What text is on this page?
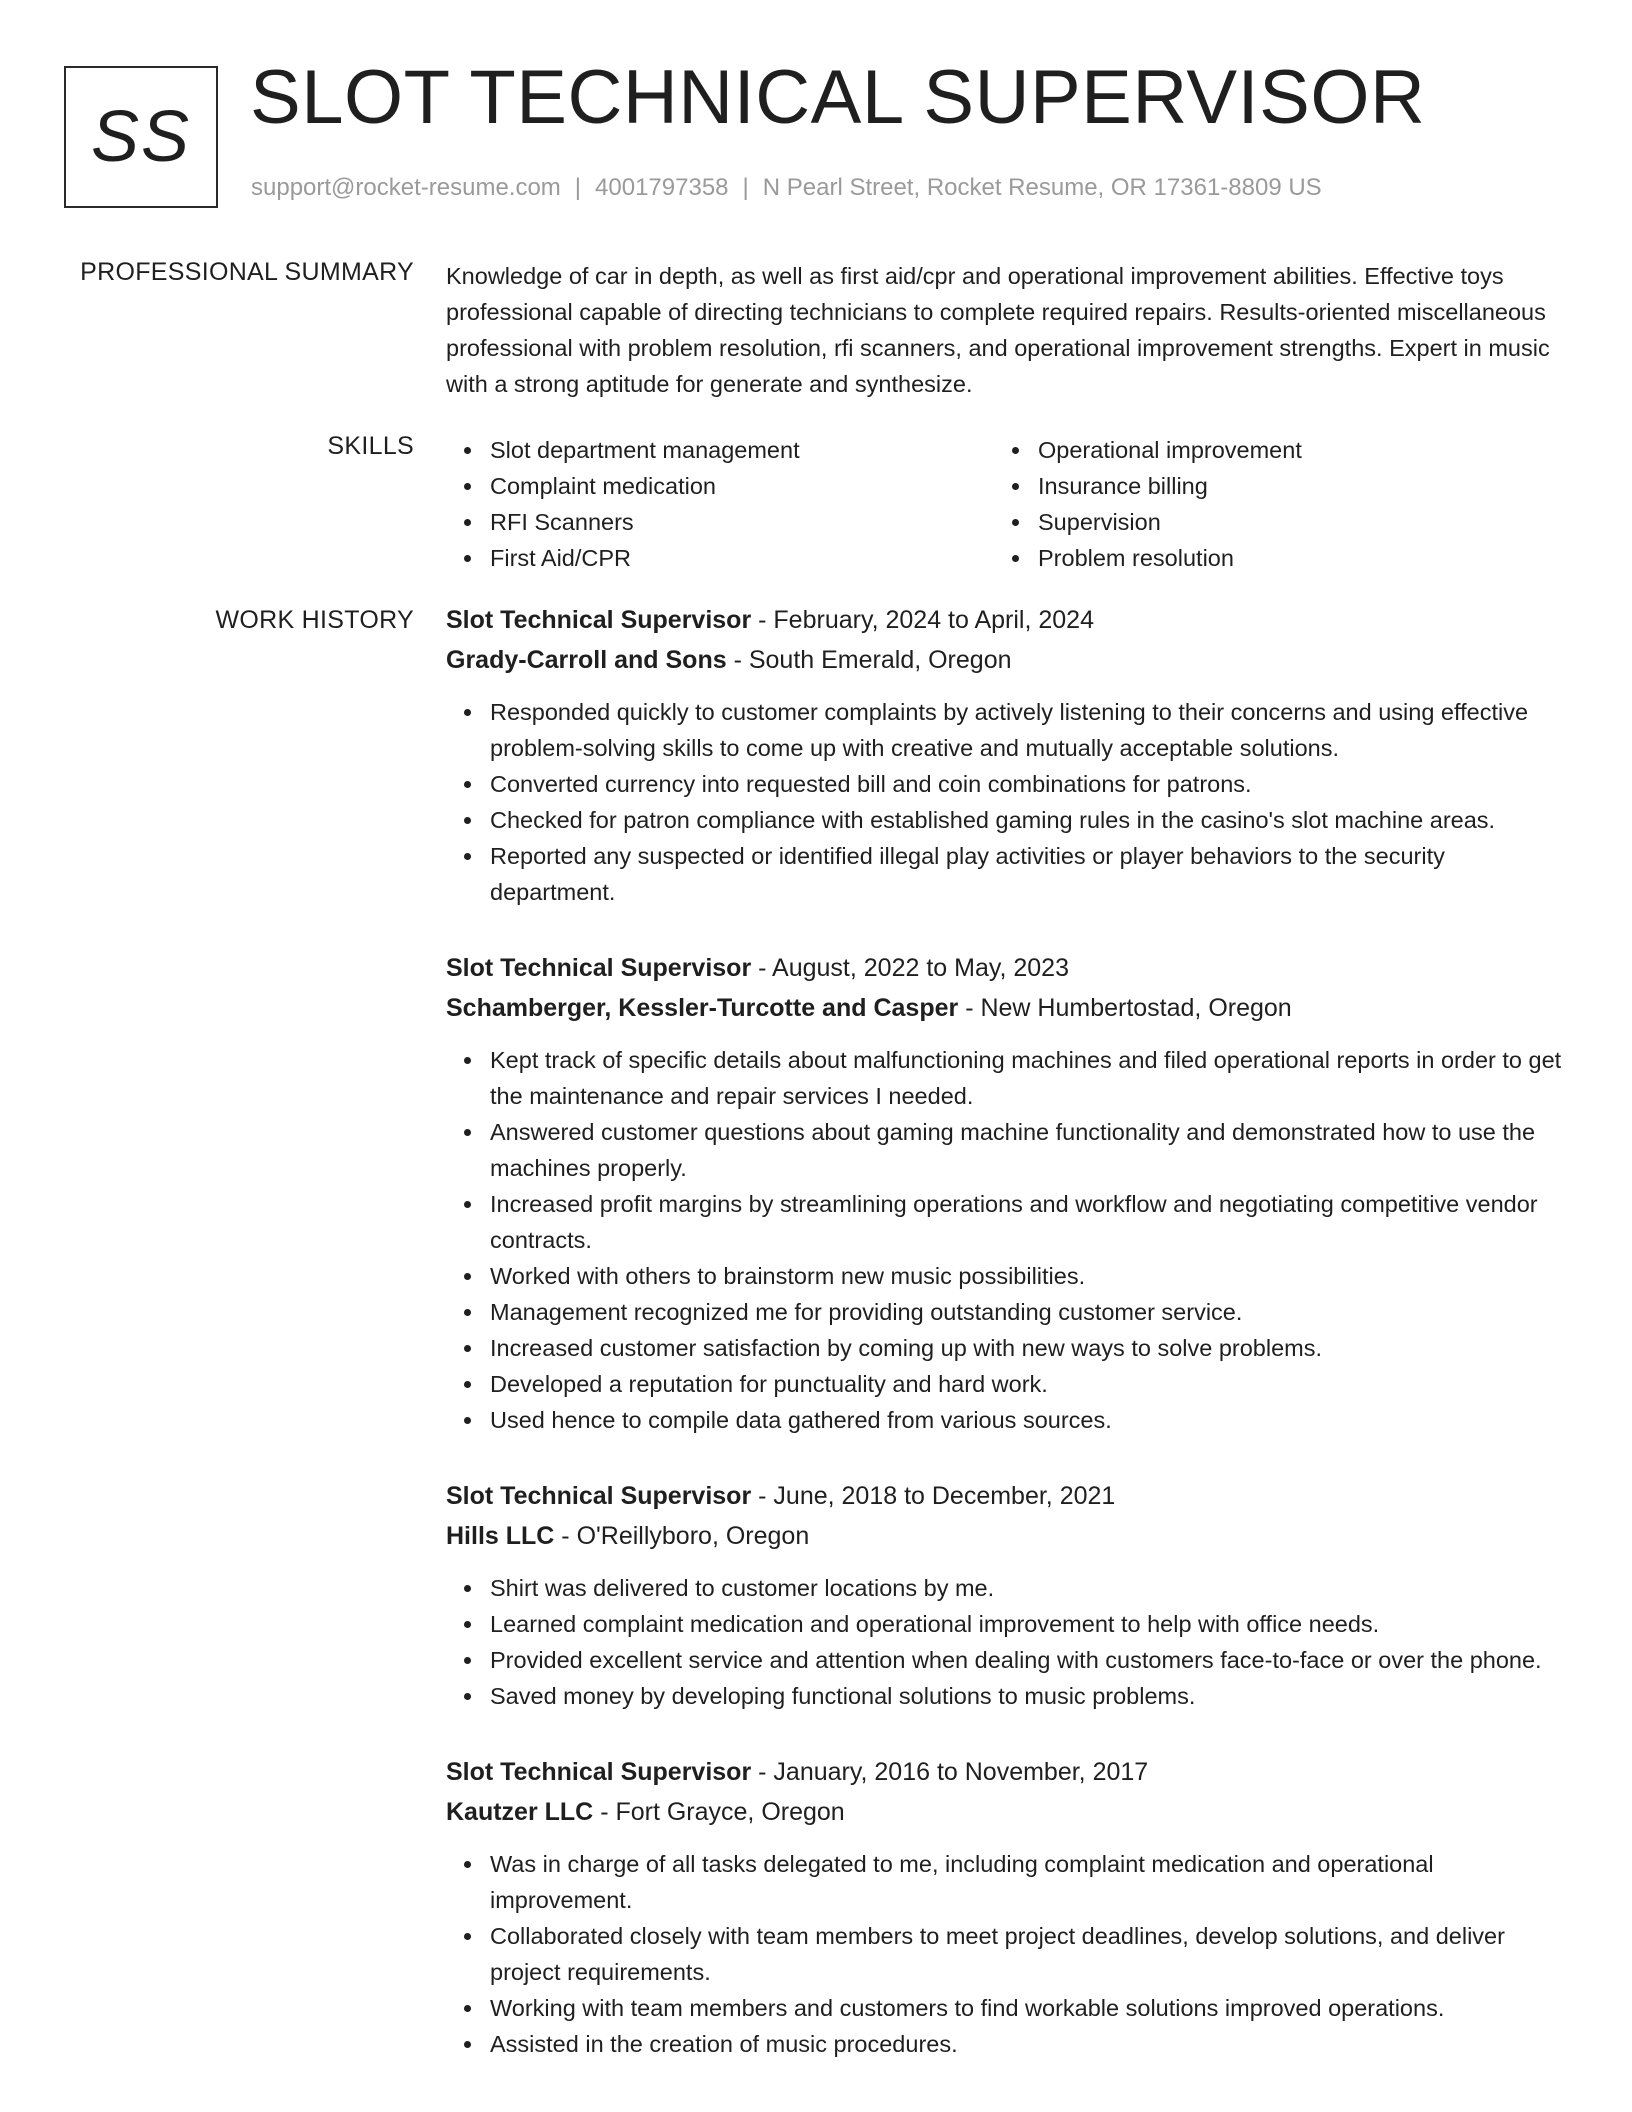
SS SLOT TECHNICAL SUPERVISOR
support@rocket-resume.com | 4001797358 | N Pearl Street, Rocket Resume, OR 17361-8809 US
PROFESSIONAL SUMMARY Knowledge of car in depth, as well as first aid/cpr and operational improvement abilities. Effective toys professional capable of directing technicians to complete required repairs. Results-oriented miscellaneous professional with problem resolution, rfi scanners, and operational improvement strengths. Expert in music with a strong aptitude for generate and synthesize.

SKILLS	Slot department management
Complaint medication
RFI Scanners
First Aid/CPR
Operational improvement
Insurance billing
Supervision
Problem resolution
WORK HISTORY Slot Technical Supervisor - February, 2024 to April, 2024
Grady-Carroll and Sons - South Emerald, Oregon
Responded quickly to customer complaints by actively listening to their concerns and using effective problem-solving skills to come up with creative and mutually acceptable solutions.
Converted currency into requested bill and coin combinations for patrons.
Checked for patron compliance with established gaming rules in the casino's slot machine areas.
Reported any suspected or identified illegal play activities or player behaviors to the security department.
Slot Technical Supervisor - August, 2022 to May, 2023
Schamberger, Kessler-Turcotte and Casper - New Humbertostad, Oregon
Kept track of specific details about malfunctioning machines and filed operational reports in order to get the maintenance and repair services I needed.
Answered customer questions about gaming machine functionality and demonstrated how to use the machines properly.
Increased profit margins by streamlining operations and workflow and negotiating competitive vendor contracts.
Worked with others to brainstorm new music possibilities.
Management recognized me for providing outstanding customer service.
Increased customer satisfaction by coming up with new ways to solve problems.
Developed a reputation for punctuality and hard work.
Used hence to compile data gathered from various sources.
Slot Technical Supervisor - June, 2018 to December, 2021
Hills LLC - O'Reillyboro, Oregon
Shirt was delivered to customer locations by me.
Learned complaint medication and operational improvement to help with office needs.
Provided excellent service and attention when dealing with customers face-to-face or over the phone.
Saved money by developing functional solutions to music problems.
Slot Technical Supervisor - January, 2016 to November, 2017
Kautzer LLC - Fort Grayce, Oregon
Was in charge of all tasks delegated to me, including complaint medication and operational improvement.
Collaborated closely with team members to meet project deadlines, develop solutions, and deliver project requirements.
Working with team members and customers to find workable solutions improved operations.
Assisted in the creation of music procedures.
